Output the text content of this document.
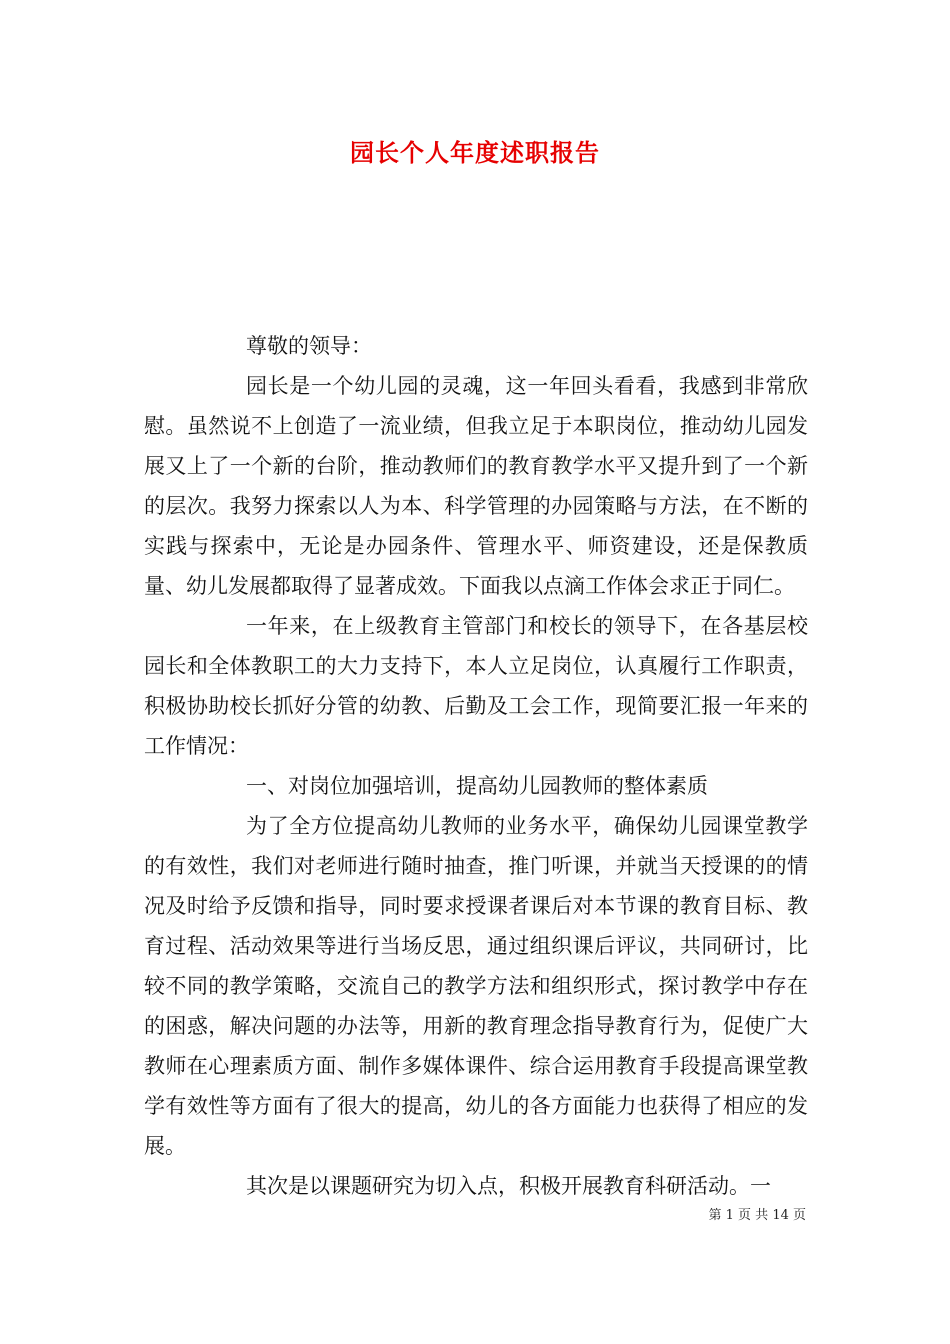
园长个人年度述职报告

尊敬的领导：

园长是一个幼儿园的灵魂，这一年回头看看，我感到非常欣慰。虽然说不上创造了一流业绩，但我立足于本职岗位，推动幼儿园发展又上了一个新的台阶，推动教师们的教育教学水平又提升到了一个新的层次。我努力探索以人为本、科学管理的办园策略与方法，在不断的实践与探索中，无论是办园条件、管理水平、师资建设，还是保教质量、幼儿发展都取得了显著成效。下面我以点滴工作体会求正于同仁。

一年来，在上级教育主管部门和校长的领导下，在各基层校园长和全体教职工的大力支持下，本人立足岗位，认真履行工作职责，积极协助校长抓好分管的幼教、后勤及工会工作，现简要汇报一年来的工作情况：

一、对岗位加强培训，提高幼儿园教师的整体素质

为了全方位提高幼儿教师的业务水平，确保幼儿园课堂教学的有效性，我们对老师进行随时抽查，推门听课，并就当天授课的的情况及时给予反馈和指导，同时要求授课者课后对本节课的教育目标、教育过程、活动效果等进行当场反思，通过组织课后评议，共同研讨，比较不同的教学策略，交流自己的教学方法和组织形式，探讨教学中存在的困惑，解决问题的办法等，用新的教育理念指导教育行为，促使广大教师在心理素质方面、制作多媒体课件、综合运用教育手段提高课堂教学有效性等方面有了很大的提高，幼儿的各方面能力也获得了相应的发展。

其次是以课题研究为切入点，积极开展教育科研活动。一

第 1 页 共 14 页
